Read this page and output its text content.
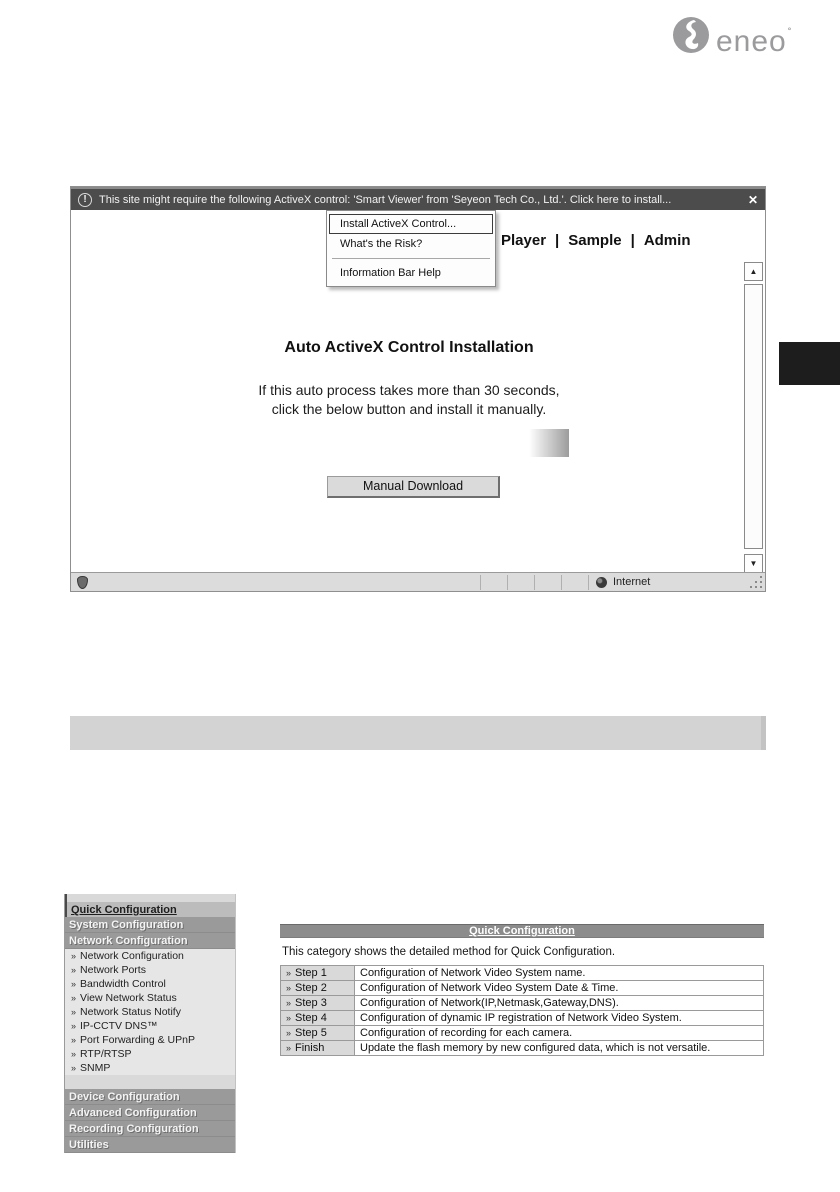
eneo˚
!	This site might require the following ActiveX control: 'Smart Viewer' from 'Seyeon Tech Co., Ltd.'. Click here to install...	✕
Install ActiveX Control...
What's the Risk?
Information Bar Help
Player | Sample | Admin
Auto ActiveX Control Installation
If this auto process takes more than 30 seconds,
click the below button and install it manually.
Manual Download
▲
▼
Internet
Quick Configuration
System Configuration
Network Configuration
» Network Configuration
» Network Ports
» Bandwidth Control
» View Network Status
» Network Status Notify
» IP-CCTV DNS™
» Port Forwarding & UPnP
» RTP/RTSP
» SNMP
Device Configuration
Advanced Configuration
Recording Configuration
Utilities
Quick Configuration
This category shows the detailed method for Quick Configuration.
» Step 1	Configuration of Network Video System name.
» Step 2	Configuration of Network Video System Date & Time.
» Step 3	Configuration of Network(IP,Netmask,Gateway,DNS).
» Step 4	Configuration of dynamic IP registration of Network Video System.
» Step 5	Configuration of recording for each camera.
» Finish	Update the flash memory by new configured data, which is not versatile.
